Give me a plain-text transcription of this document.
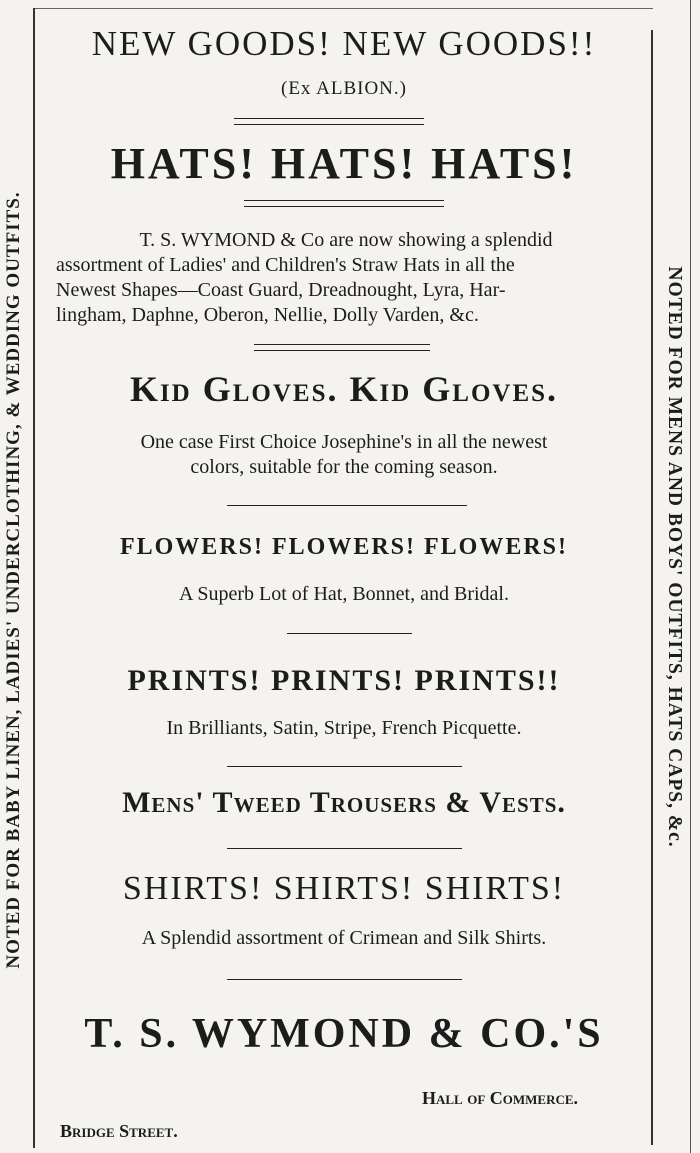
NOTED FOR BABY LINEN, LADIES' UNDERCLOTHING, & WEDDING OUTFITS.	NOTED FOR MENS AND BOYS' OUTFITS, HATS CAPS, &c.
NEW GOODS! NEW GOODS!!
(Ex ALBION.)
HATS! HATS! HATS!
T. S. WYMOND & Co are now showing a splendid
assortment of Ladies' and Children's Straw Hats in all the
Newest Shapes—Coast Guard, Dreadnought, Lyra, Har-
lingham, Daphne, Oberon, Nellie, Dolly Varden, &c.
Kid Gloves. Kid Gloves.
One case First Choice Josephine's in all the newest
colors, suitable for the coming season.
FLOWERS! FLOWERS! FLOWERS!
A Superb Lot of Hat, Bonnet, and Bridal.
PRINTS! PRINTS! PRINTS!!
In Brilliants, Satin, Stripe, French Picquette.
Mens' Tweed Trousers & Vests.
SHIRTS! SHIRTS! SHIRTS!
A Splendid assortment of Crimean and Silk Shirts.
T. S. WYMOND & CO.'S
Hall of Commerce.
Bridge Street.
